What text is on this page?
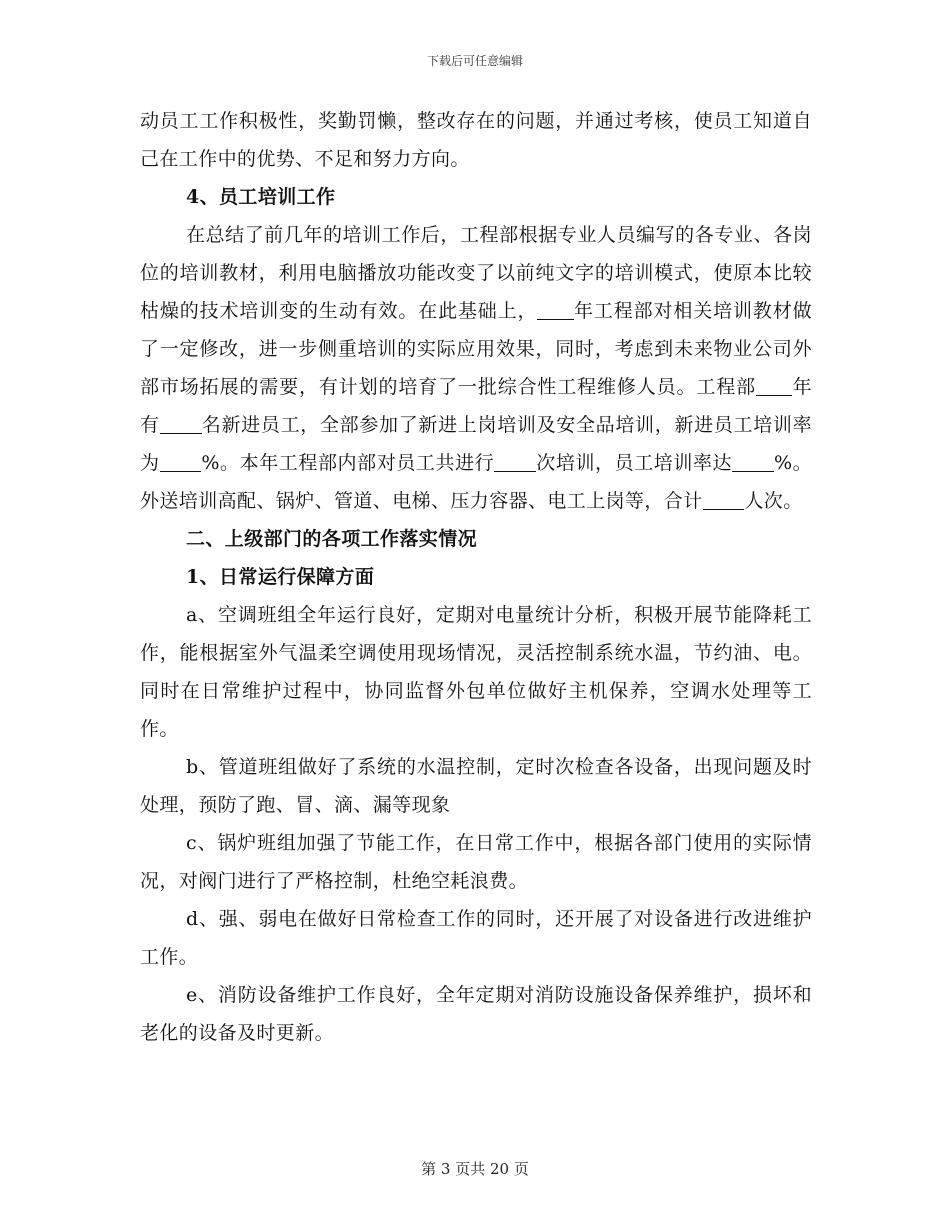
下载后可任意编辑

动员工工作积极性，奖勤罚懒，整改存在的问题，并通过考核，使员工知道自己在工作中的优势、不足和努力方向。

4、员工培训工作

在总结了前几年的培训工作后，工程部根据专业人员编写的各专业、各岗位的培训教材，利用电脑播放功能改变了以前纯文字的培训模式，使原本比较枯燥的技术培训变的生动有效。在此基础上， 年工程部对相关培训教材做了一定修改，进一步侧重培训的实际应用效果，同时，考虑到未来物业公司外部市场拓展的需要，有计划的培育了一批综合性工程维修人员。工程部 年有 名新进员工，全部参加了新进上岗培训及安全品培训，新进员工培训率为 %。本年工程部内部对员工共进行 次培训，员工培训率达 %。外送培训高配、锅炉、管道、电梯、压力容器、电工上岗等，合计 人次。

二、上级部门的各项工作落实情况

1、日常运行保障方面

a、空调班组全年运行良好，定期对电量统计分析，积极开展节能降耗工作，能根据室外气温柔空调使用现场情况，灵活控制系统水温，节约油、电。同时在日常维护过程中，协同监督外包单位做好主机保养，空调水处理等工作。

b、管道班组做好了系统的水温控制，定时次检查各设备，出现问题及时处理，预防了跑、冒、滴、漏等现象

c、锅炉班组加强了节能工作，在日常工作中，根据各部门使用的实际情况，对阀门进行了严格控制，杜绝空耗浪费。

d、强、弱电在做好日常检查工作的同时，还开展了对设备进行改进维护工作。

e、消防设备维护工作良好，全年定期对消防设施设备保养维护，损坏和老化的设备及时更新。

第 3 页共 20 页
